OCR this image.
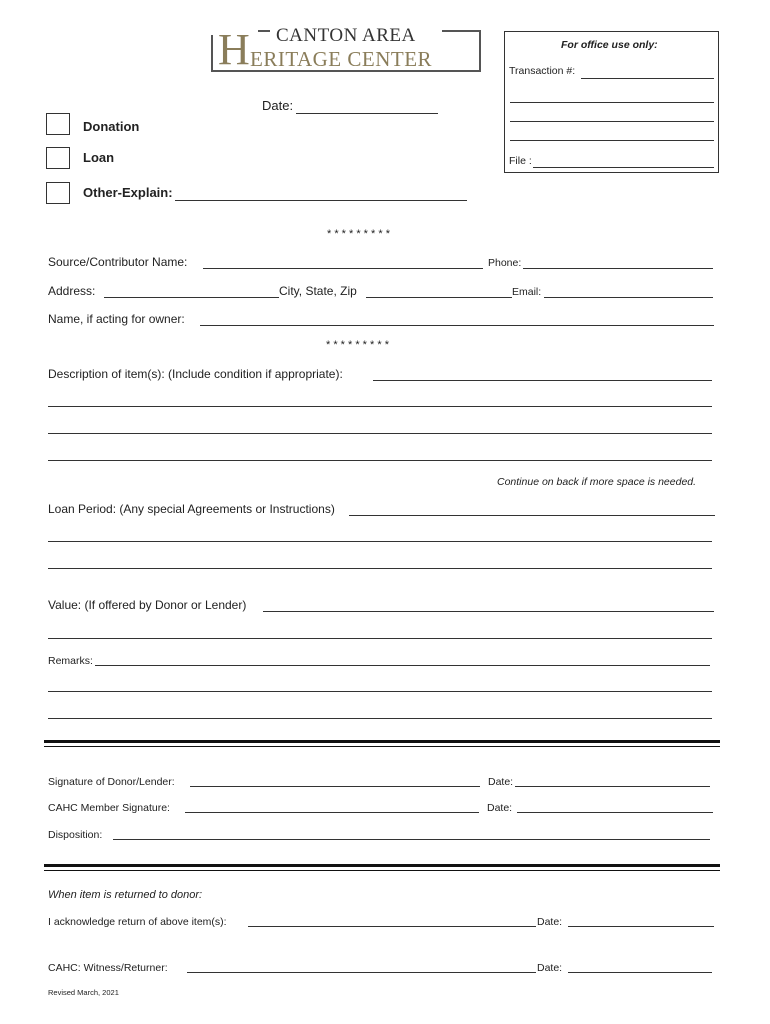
H CANTON AREA
ERITAGE CENTER
For office use only:
Transaction #:
File :
Date:
Donation
Loan
Other-Explain:
* * * * * * * * *
Source/Contributor Name:	Phone:
Address:	City, State, Zip	Email:
Name, if acting for owner:
* * * * * * * * *
Description of item(s): (Include condition if appropriate):
Continue on back if more space is needed.
Loan Period: (Any special Agreements or Instructions)
Value: (If offered by Donor or Lender)
Remarks:
Signature of Donor/Lender:	Date:
CAHC Member Signature:	Date:
Disposition:
When item is returned to donor:
I acknowledge return of above item(s):	Date:
CAHC: Witness/Returner:	Date:
Revised March, 2021
